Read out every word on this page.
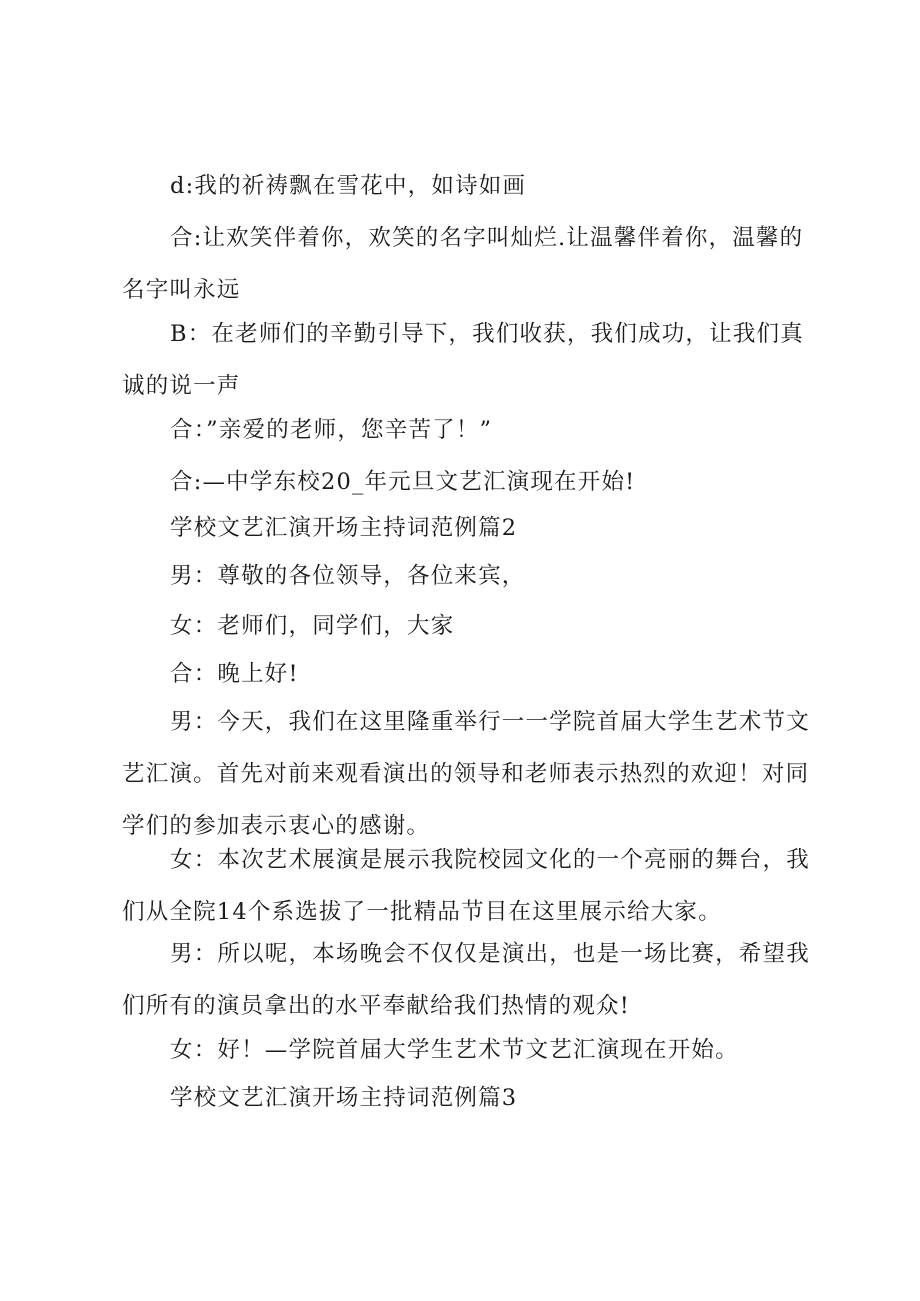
d:我的祈祷飘在雪花中，如诗如画

合:让欢笑伴着你，欢笑的名字叫灿烂.让温馨伴着你，温馨的名字叫永远

B：在老师们的辛勤引导下，我们收获，我们成功，让我们真诚的说一声

合：”亲爱的老师，您辛苦了！”

合:—中学东校20_年元旦文艺汇演现在开始!

学校文艺汇演开场主持词范例篇2

男：尊敬的各位领导，各位来宾，

女：老师们，同学们，大家

合：晚上好!

男：今天，我们在这里隆重举行一一学院首届大学生艺术节文艺汇演。首先对前来观看演出的领导和老师表示热烈的欢迎！对同学们的参加表示衷心的感谢。

女：本次艺术展演是展示我院校园文化的一个亮丽的舞台，我们从全院14个系选拔了一批精品节目在这里展示给大家。

男：所以呢，本场晚会不仅仅是演出，也是一场比赛，希望我们所有的演员拿出的水平奉献给我们热情的观众!

女：好！—学院首届大学生艺术节文艺汇演现在开始。

学校文艺汇演开场主持词范例篇3
